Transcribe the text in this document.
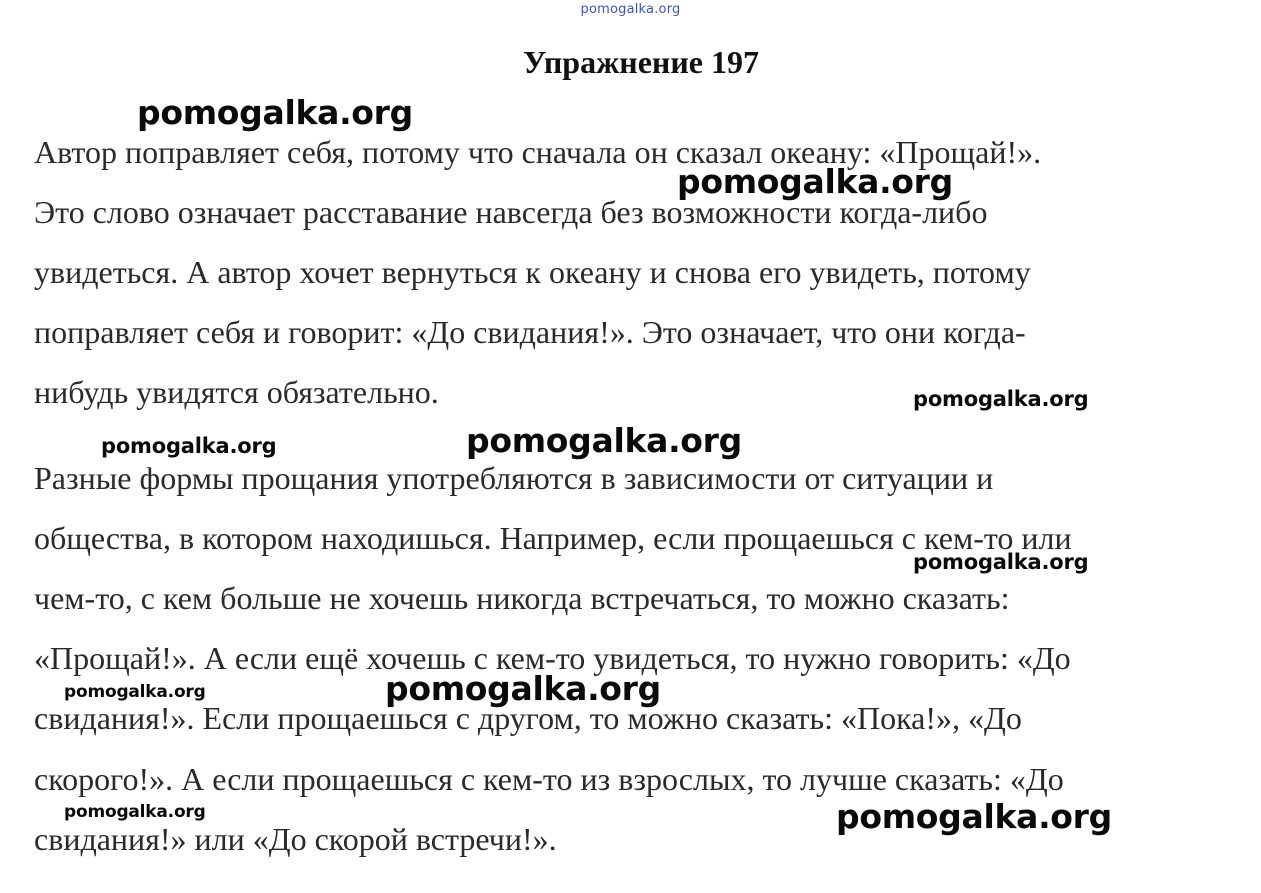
pomogalka.org
Упражнение 197

Автор поправляет себя, потому что сначала он сказал океану: «Прощай!».

Это слово означает расставание навсегда без возможности когда-либо

увидеться. А автор хочет вернуться к океану и снова его увидеть, потому

поправляет себя и говорит: «До свидания!». Это означает, что они когда-

нибудь увидятся обязательно.

Разные формы прощания употребляются в зависимости от ситуации и

общества, в котором находишься. Например, если прощаешься с кем-то или

чем-то, с кем больше не хочешь никогда встречаться, то можно сказать:

«Прощай!». А если ещё хочешь с кем-то увидеться, то нужно говорить: «До

свидания!». Если прощаешься с другом, то можно сказать: «Пока!», «До

скорого!». А если прощаешься с кем-то из взрослых, то лучше сказать: «До

свидания!» или «До скорой встречи!».

pomogalka.org
pomogalka.org
pomogalka.org
pomogalka.org	pomogalka.org
pomogalka.org
pomogalka.org	pomogalka.org
pomogalka.org	pomogalka.org
